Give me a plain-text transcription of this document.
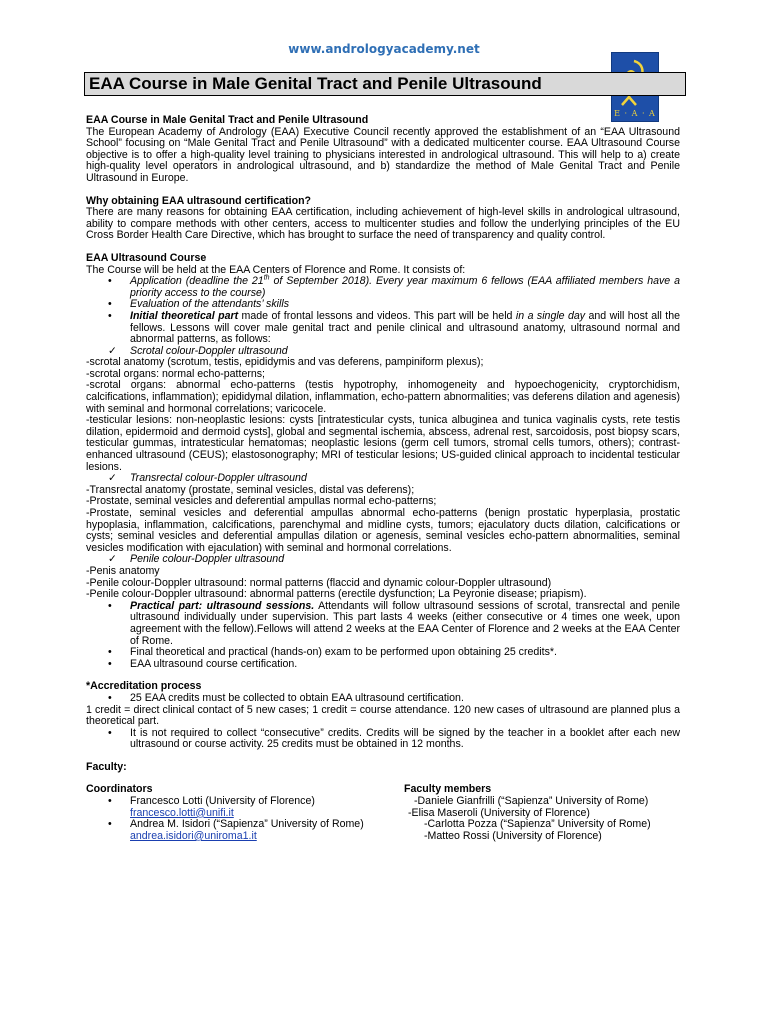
www.andrologyacademy.net
E · A · A
EAA Course in Male Genital Tract and Penile Ultrasound

EAA Course in Male Genital Tract and Penile Ultrasound

The European Academy of Andrology (EAA) Executive Council recently approved the establishment of an “EAA Ultrasound School” focusing on “Male Genital Tract and Penile Ultrasound” with a dedicated multicenter course. EAA Ultrasound Course objective is to offer a high-quality level training to physicians interested in andrological ultrasound. This will help to a) create high-quality level operators in andrological ultrasound, and b) standardize the method of Male Genital Tract and Penile Ultrasound in Europe.

Why obtaining EAA ultrasound certification?

There are many reasons for obtaining EAA certification, including achievement of high-level skills in andrological ultrasound, ability to compare methods with other centers, access to multicenter studies and follow the underlying principles of the EU Cross Border Health Care Directive, which has brought to surface the need of transparency and quality control.

EAA Ultrasound Course

The Course will be held at the EAA Centers of Florence and Rome. It consists of:

• Application (deadline the 21th of September 2018). Every year maximum 6 fellows (EAA affiliated members have a priority access to the course)

• Evaluation of the attendants’ skills

• Initial theoretical part made of frontal lessons and videos. This part will be held in a single day and will host all the fellows. Lessons will cover male genital tract and penile clinical and ultrasound anatomy, ultrasound normal and abnormal patterns, as follows:

✓ Scrotal colour-Doppler ultrasound

-scrotal anatomy (scrotum, testis, epididymis and vas deferens, pampiniform plexus);

-scrotal organs: normal echo-patterns;

-scrotal organs: abnormal echo-patterns (testis hypotrophy, inhomogeneity and hypoechogenicity, cryptorchidism, calcifications, inflammation); epididymal dilation, inflammation, echo-pattern abnormalities; vas deferens dilation and agenesis) with seminal and hormonal correlations; varicocele.

-testicular lesions: non-neoplastic lesions: cysts [intratesticular cysts, tunica albuginea and tunica vaginalis cysts, rete testis dilation, epidermoid and dermoid cysts], global and segmental ischemia, abscess, adrenal rest, sarcoidosis, post biopsy scars, testicular gummas, intratesticular hematomas; neoplastic lesions (germ cell tumors, stromal cells tumors, others); contrast-enhanced ultrasound (CEUS); elastosonography; MRI of testicular lesions; US-guided clinical approach to incidental testicular lesions.

✓ Transrectal colour-Doppler ultrasound

-Transrectal anatomy (prostate, seminal vesicles, distal vas deferens);

-Prostate, seminal vesicles and deferential ampullas normal echo-patterns;

-Prostate, seminal vesicles and deferential ampullas abnormal echo-patterns (benign prostatic hyperplasia, prostatic hypoplasia, inflammation, calcifications, parenchymal and midline cysts, tumors; ejaculatory ducts dilation, calcifications or cysts; seminal vesicles and deferential ampullas dilation or agenesis, seminal vesicles echo-pattern abnormalities, seminal vesicles modification with ejaculation) with seminal and hormonal correlations.

✓ Penile colour-Doppler ultrasound

-Penis anatomy

-Penile colour-Doppler ultrasound: normal patterns (flaccid and dynamic colour-Doppler ultrasound)

-Penile colour-Doppler ultrasound: abnormal patterns (erectile dysfunction; La Peyronie disease; priapism).

• Practical part: ultrasound sessions. Attendants will follow ultrasound sessions of scrotal, transrectal and penile ultrasound individually under supervision. This part lasts 4 weeks (either consecutive or 4 times one week, upon agreement with the fellow).Fellows will attend 2 weeks at the EAA Center of Florence and 2 weeks at the EAA Center of Rome.

• Final theoretical and practical (hands-on) exam to be performed upon obtaining 25 credits*.

• EAA ultrasound course certification.

*Accreditation process

• 25 EAA credits must be collected to obtain EAA ultrasound certification.

1 credit = direct clinical contact of 5 new cases; 1 credit = course attendance. 120 new cases of ultrasound are planned plus a theoretical part.

• It is not required to collect “consecutive” credits. Credits will be signed by the teacher in a booklet after each new ultrasound or course activity. 25 credits must be obtained in 12 months.

Faculty:

Coordinators

• Francesco Lotti (University of Florence)

francesco.lotti@unifi.it

• Andrea M. Isidori (“Sapienza” University of Rome)

andrea.isidori@uniroma1.it

Faculty members

-Daniele Gianfrilli (“Sapienza” University of Rome)

-Elisa Maseroli (University of Florence)

-Carlotta Pozza (“Sapienza” University of Rome)

-Matteo Rossi (University of Florence)
